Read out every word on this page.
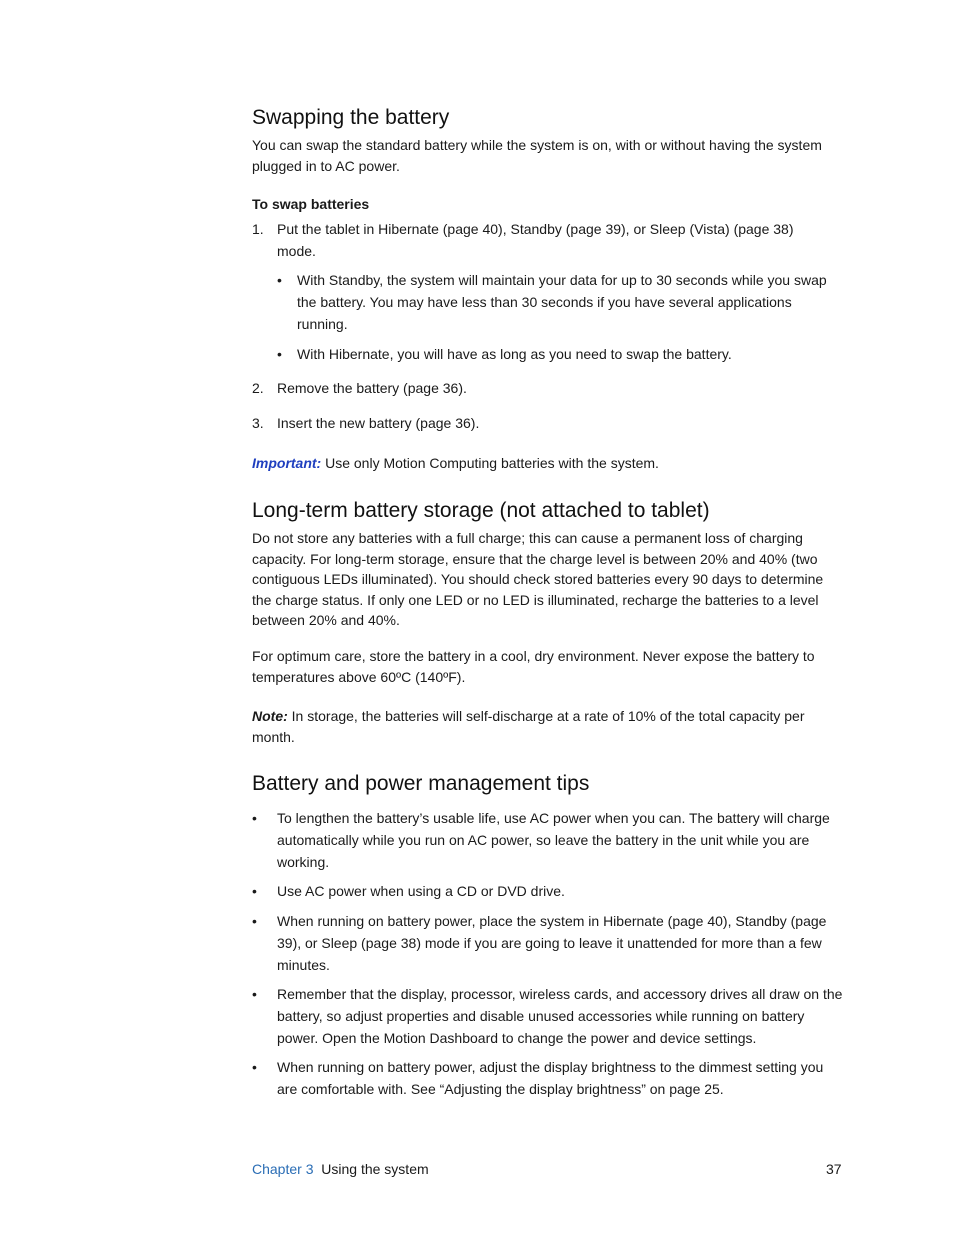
Swapping the battery

You can swap the standard battery while the system is on, with or without having the system plugged in to AC power.

To swap batteries

1. Put the tablet in Hibernate (page 40), Standby (page 39), or Sleep (Vista) (page 38) mode.
• With Standby, the system will maintain your data for up to 30 seconds while you swap the battery. You may have less than 30 seconds if you have several applications running.
• With Hibernate, you will have as long as you need to swap the battery.
2. Remove the battery (page 36).
3. Insert the new battery (page 36).

Important: Use only Motion Computing batteries with the system.

Long-term battery storage (not attached to tablet)

Do not store any batteries with a full charge; this can cause a permanent loss of charging capacity. For long-term storage, ensure that the charge level is between 20% and 40% (two contiguous LEDs illuminated). You should check stored batteries every 90 days to determine the charge status. If only one LED or no LED is illuminated, recharge the batteries to a level between 20% and 40%.

For optimum care, store the battery in a cool, dry environment. Never expose the battery to temperatures above 60ºC (140ºF).

Note: In storage, the batteries will self-discharge at a rate of 10% of the total capacity per month.

Battery and power management tips
• To lengthen the battery’s usable life, use AC power when you can. The battery will charge automatically while you run on AC power, so leave the battery in the unit while you are working.
• Use AC power when using a CD or DVD drive.
• When running on battery power, place the system in Hibernate (page 40), Standby (page 39), or Sleep (page 38) mode if you are going to leave it unattended for more than a few minutes.
• Remember that the display, processor, wireless cards, and accessory drives all draw on the battery, so adjust properties and disable unused accessories while running on battery power. Open the Motion Dashboard to change the power and device settings.
• When running on battery power, adjust the display brightness to the dimmest setting you are comfortable with. See “Adjusting the display brightness” on page 25.
Chapter 3 Using the system	37
